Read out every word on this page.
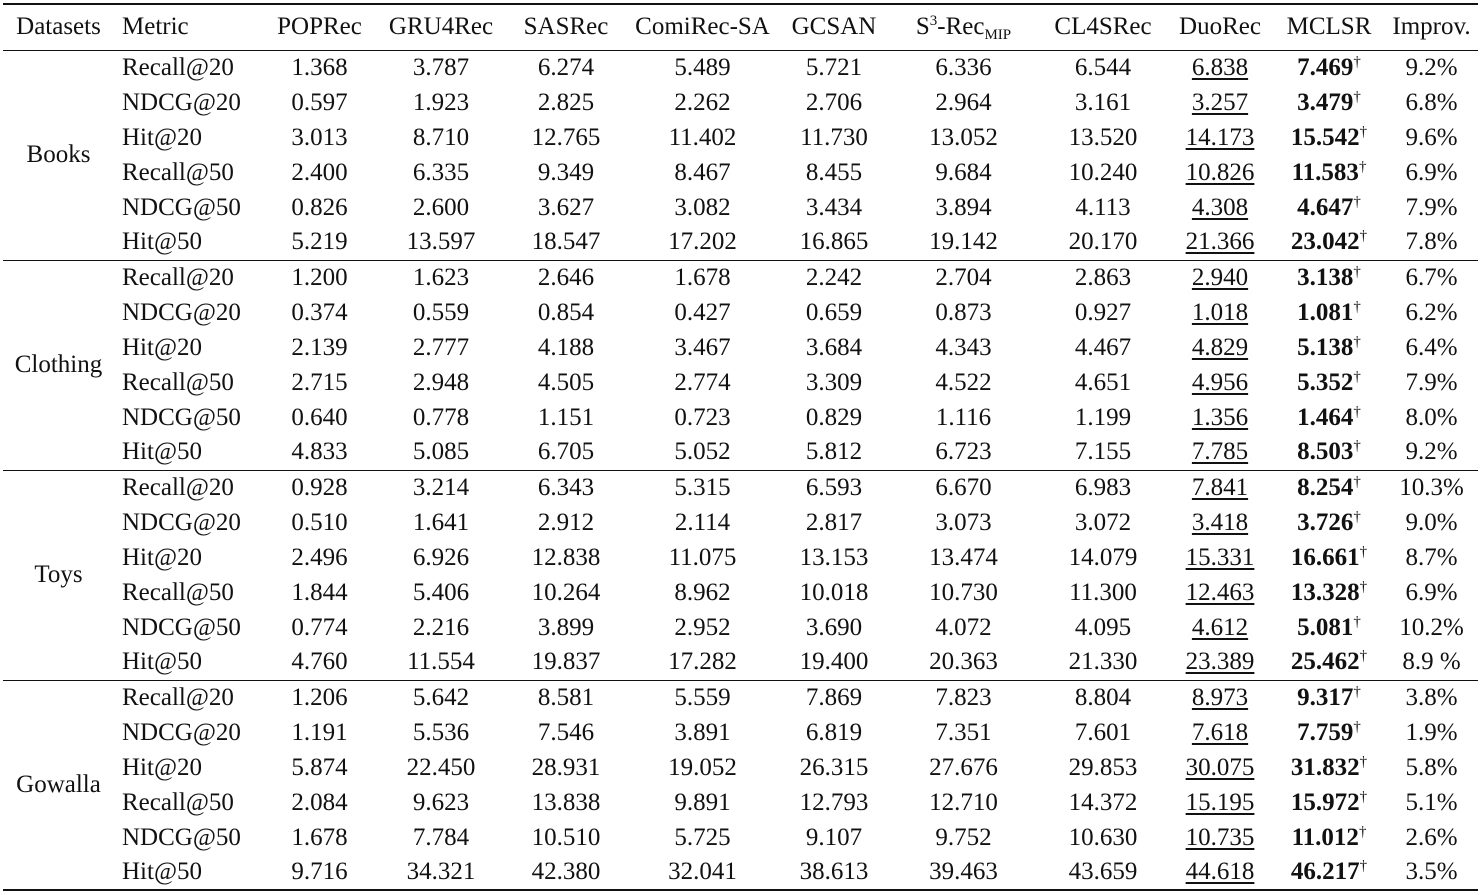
Datasets	Metric	POPRec	GRU4Rec	SASRec	ComiRec-SA	GCSAN	$S^3-Rec_{MIP}$	CL4SRec	DuoRec	MCLSR	Improv.
Books	Recall@20	1.368	3.787	6.274	5.489	5.721	6.336	6.544	6.838	7.469†	9.2%
	NDCG@20	0.597	1.923	2.825	2.262	2.706	2.964	3.161	3.257	3.479†	6.8%
	Hit@20	3.013	8.710	12.765	11.402	11.730	13.052	13.520	14.173	15.542†	9.6%
	Recall@50	2.400	6.335	9.349	8.467	8.455	9.684	10.240	10.826	11.583†	6.9%
	NDCG@50	0.826	2.600	3.627	3.082	3.434	3.894	4.113	4.308	4.647†	7.9%
	Hit@50	5.219	13.597	18.547	17.202	16.865	19.142	20.170	21.366	23.042†	7.8%
Clothing	Recall@20	1.200	1.623	2.646	1.678	2.242	2.704	2.863	2.940	3.138†	6.7%
	NDCG@20	0.374	0.559	0.854	0.427	0.659	0.873	0.927	1.018	1.081†	6.2%
	Hit@20	2.139	2.777	4.188	3.467	3.684	4.343	4.467	4.829	5.138†	6.4%
	Recall@50	2.715	2.948	4.505	2.774	3.309	4.522	4.651	4.956	5.352†	7.9%
	NDCG@50	0.640	0.778	1.151	0.723	0.829	1.116	1.199	1.356	1.464†	8.0%
	Hit@50	4.833	5.085	6.705	5.052	5.812	6.723	7.155	7.785	8.503†	9.2%
Toys	Recall@20	0.928	3.214	6.343	5.315	6.593	6.670	6.983	7.841	8.254†	10.3%
	NDCG@20	0.510	1.641	2.912	2.114	2.817	3.073	3.072	3.418	3.726†	9.0%
	Hit@20	2.496	6.926	12.838	11.075	13.153	13.474	14.079	15.331	16.661†	8.7%
	Recall@50	1.844	5.406	10.264	8.962	10.018	10.730	11.300	12.463	13.328†	6.9%
	NDCG@50	0.774	2.216	3.899	2.952	3.690	4.072	4.095	4.612	5.081†	10.2%
	Hit@50	4.760	11.554	19.837	17.282	19.400	20.363	21.330	23.389	25.462†	8.9 %
Gowalla	Recall@20	1.206	5.642	8.581	5.559	7.869	7.823	8.804	8.973	9.317†	3.8%
	NDCG@20	1.191	5.536	7.546	3.891	6.819	7.351	7.601	7.618	7.759†	1.9%
	Hit@20	5.874	22.450	28.931	19.052	26.315	27.676	29.853	30.075	31.832†	5.8%
	Recall@50	2.084	9.623	13.838	9.891	12.793	12.710	14.372	15.195	15.972†	5.1%
	NDCG@50	1.678	7.784	10.510	5.725	9.107	9.752	10.630	10.735	11.012†	2.6%
	Hit@50	9.716	34.321	42.380	32.041	38.613	39.463	43.659	44.618	46.217†	3.5%
